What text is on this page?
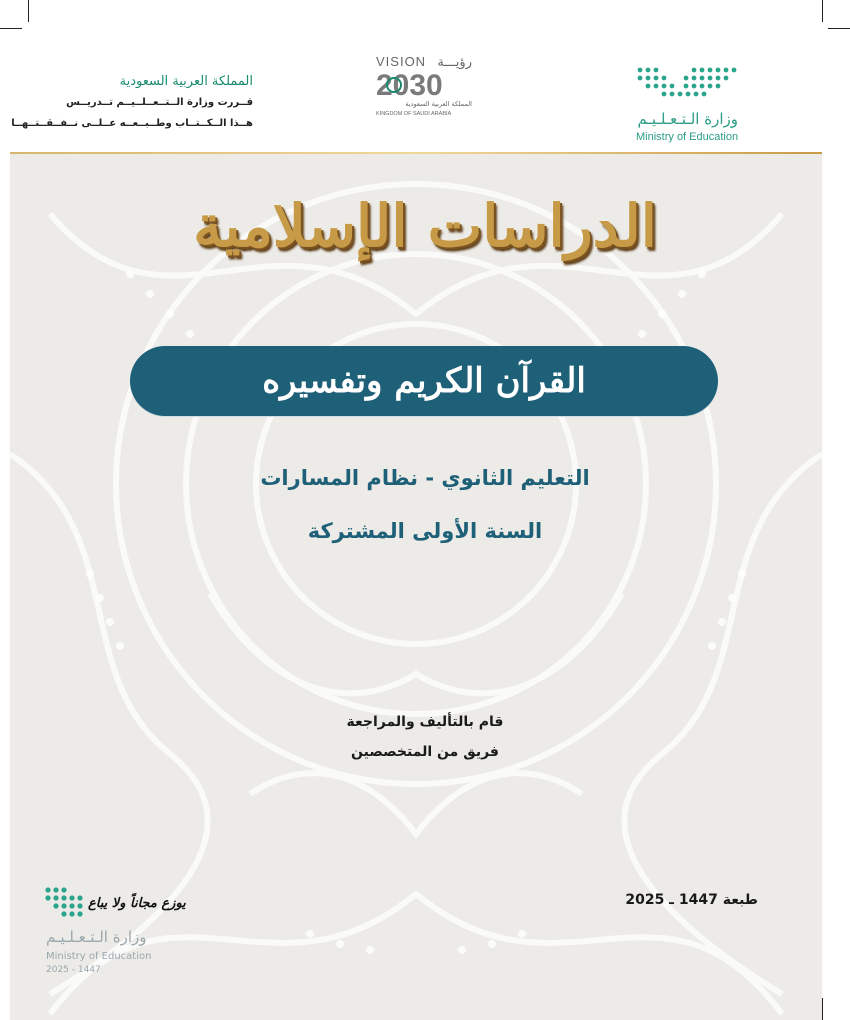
المملكة العربية السعودية
قــررت وزارة الــتــعــلــيــم تــدريــس
هــذا الــكــتــاب وطــبــعــه عــلــى نــفــقــتــهــا
VISION رؤيـــة
2030
المملكة العربية السعودية
KINGDOM OF SAUDI ARABIA	وزارة الـتـعـلـيـم
Ministry of Education
الدراسات الإسلامية
القرآن الكريم وتفسيره
التعليم الثانوي - نظام المسارات
السنة الأولى المشتركة
قام بالتأليف والمراجعة
فريق من المتخصصين
طبعة 1447 ـ 2025
يوزع مجاناً ولا يباع
وزارة الـتـعـلـيـم
Ministry of Education
2025 - 1447
